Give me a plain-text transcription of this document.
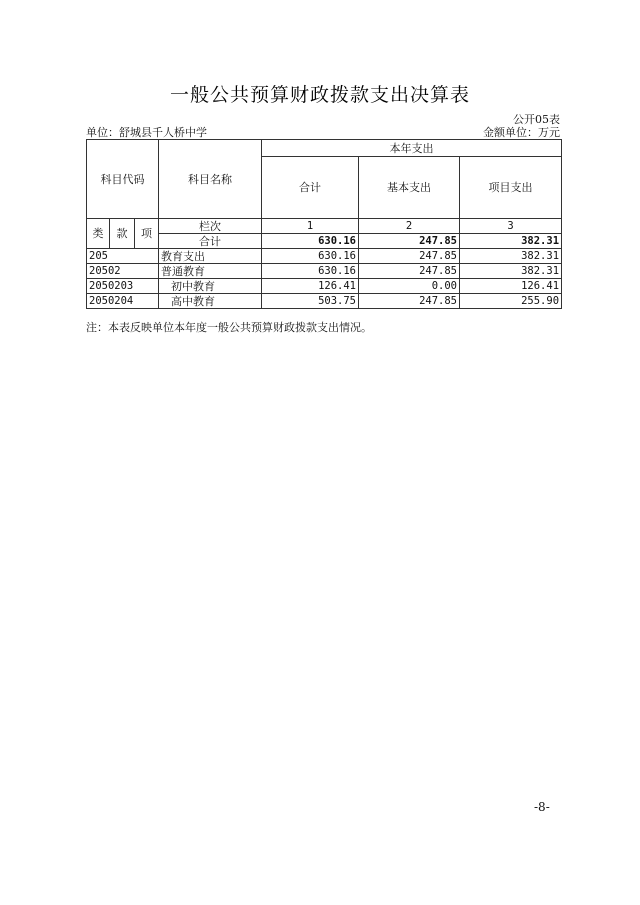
一般公共预算财政拨款支出决算表
公开05表
单位：舒城县千人桥中学	金额单位：万元
科目代码			科目名称	本年支出		
				合计	基本支出	项目支出
类	款	项	栏次	1	2	3
			合计	630.16	247.85	382.31
205			教育支出	630.16	247.85	382.31
20502			普通教育	630.16	247.85	382.31
2050203			初中教育	126.41	0.00	126.41
2050204			高中教育	503.75	247.85	255.90
注：本表反映单位本年度一般公共预算财政拨款支出情况。
-8-
